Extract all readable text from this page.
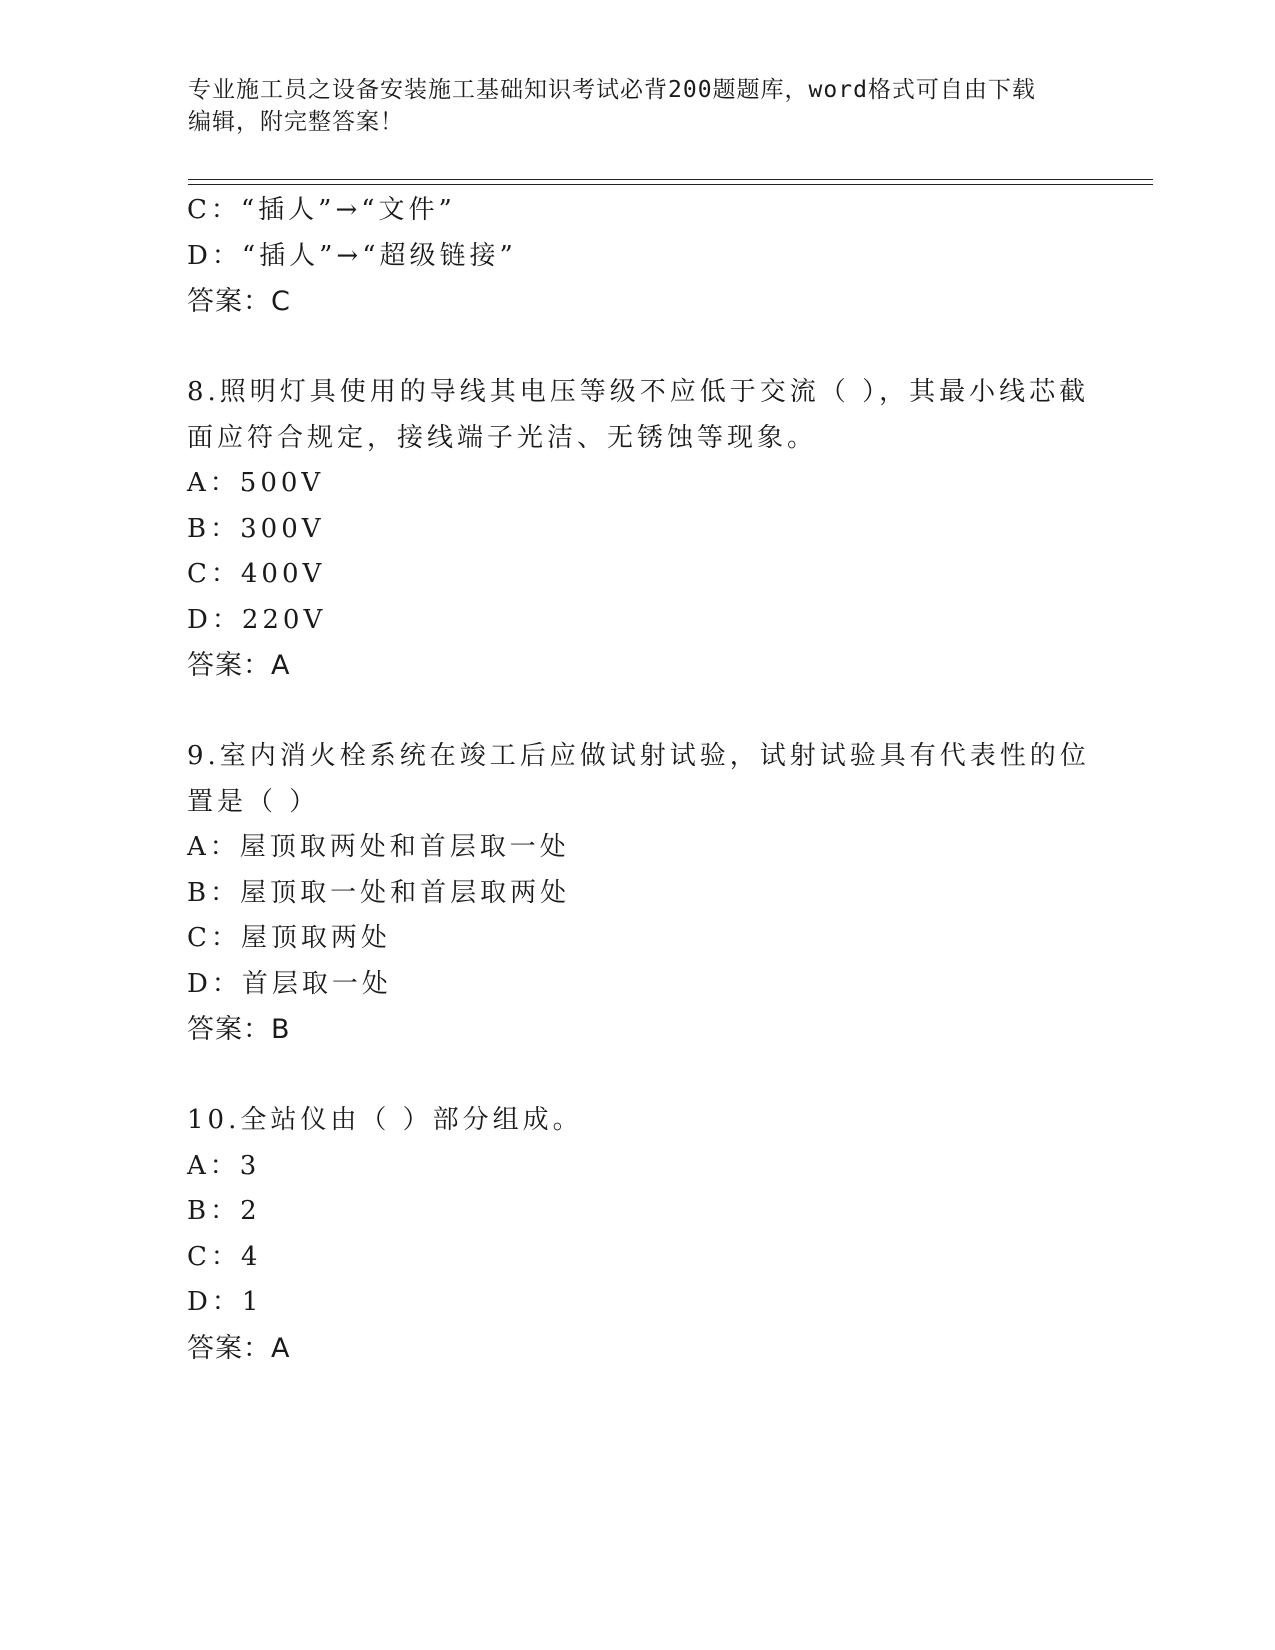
专业施工员之设备安装施工基础知识考试必背200题题库，word格式可自由下载
编辑，附完整答案！
C：“插人”→“文件”
D：“插人”→“超级链接”
答案：C
8.照明灯具使用的导线其电压等级不应低于交流（ ），其最小线芯截
面应符合规定，接线端子光洁、无锈蚀等现象。
A：500V
B：300V
C：400V
D：220V
答案：A
9.室内消火栓系统在竣工后应做试射试验，试射试验具有代表性的位
置是（ ）
A：屋顶取两处和首层取一处
B：屋顶取一处和首层取两处
C：屋顶取两处
D：首层取一处
答案：B
10.全站仪由（ ）部分组成。
A：3
B：2
C：4
D：1
答案：A
